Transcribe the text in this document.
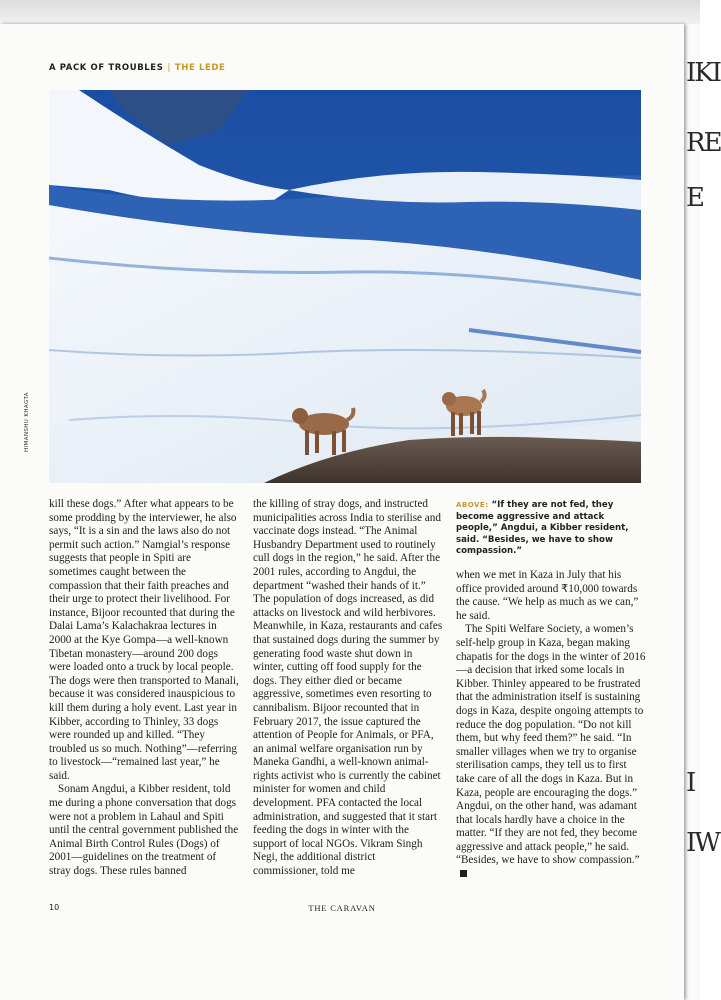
IKI
RE
E
I
IW
A PACK OF TROUBLES | THE LEDE
HIMANSHU KHAGTA

kill these dogs.” After what appears to be some prodding by the interviewer, he also says, “It is a sin and the laws also do not permit such action.” Namgial’s response suggests that people in Spiti are sometimes caught between the compassion that their faith preaches and their urge to protect their livelihood. For instance, Bijoor recounted that during the Dalai Lama’s Kalachakraa lectures in 2000 at the Kye Gompa—a well-known Tibetan monastery—around 200 dogs were loaded onto a truck by local people. The dogs were then transported to Manali, because it was considered inauspicious to kill them during a holy event. Last year in Kibber, according to Thinley, 33 dogs were rounded up and killed. “They troubled us so much. Nothing”—referring to livestock—“remained last year,” he said.

Sonam Angdui, a Kibber resident, told me during a phone conversation that dogs were not a problem in Lahaul and Spiti until the central government published the Animal Birth Control Rules (Dogs) of 2001—guidelines on the treatment of stray dogs. These rules banned

the killing of stray dogs, and instructed municipalities across India to sterilise and vaccinate dogs instead. “The Animal Husbandry Department used to routinely cull dogs in the region,” he said. After the 2001 rules, according to Angdui, the department “washed their hands of it.” The population of dogs increased, as did attacks on livestock and wild herbivores. Meanwhile, in Kaza, restaurants and cafes that sustained dogs during the summer by generating food waste shut down in winter, cutting off food supply for the dogs. They either died or became aggressive, sometimes even resorting to cannibalism. Bijoor recounted that in February 2017, the issue captured the attention of People for Animals, or PFA, an animal welfare organisation run by Maneka Gandhi, a well-known animal-rights activist who is currently the cabinet minister for women and child development. PFA contacted the local administration, and suggested that it start feeding the dogs in winter with the support of local NGOs. Vikram Singh Negi, the additional district commissioner, told me

ABOVE: “If they are not fed, they become aggressive and attack people,” Angdui, a Kibber resident, said. “Besides, we have to show compassion.”

when we met in Kaza in July that his office provided around ₹10,000 towards the cause. “We help as much as we can,” he said.

The Spiti Welfare Society, a women’s self-help group in Kaza, began making chapatis for the dogs in the winter of 2016—a decision that irked some locals in Kibber. Thinley appeared to be frustrated that the administration itself is sustaining dogs in Kaza, despite ongoing attempts to reduce the dog population. “Do not kill them, but why feed them?” he said. “In smaller villages when we try to organise sterilisation camps, they tell us to first take care of all the dogs in Kaza. But in Kaza, people are encouraging the dogs.” Angdui, on the other hand, was adamant that locals hardly have a choice in the matter. “If they are not fed, they become aggressive and attack people,” he said. “Besides, we have to show compassion.”

10	THE CARAVAN
